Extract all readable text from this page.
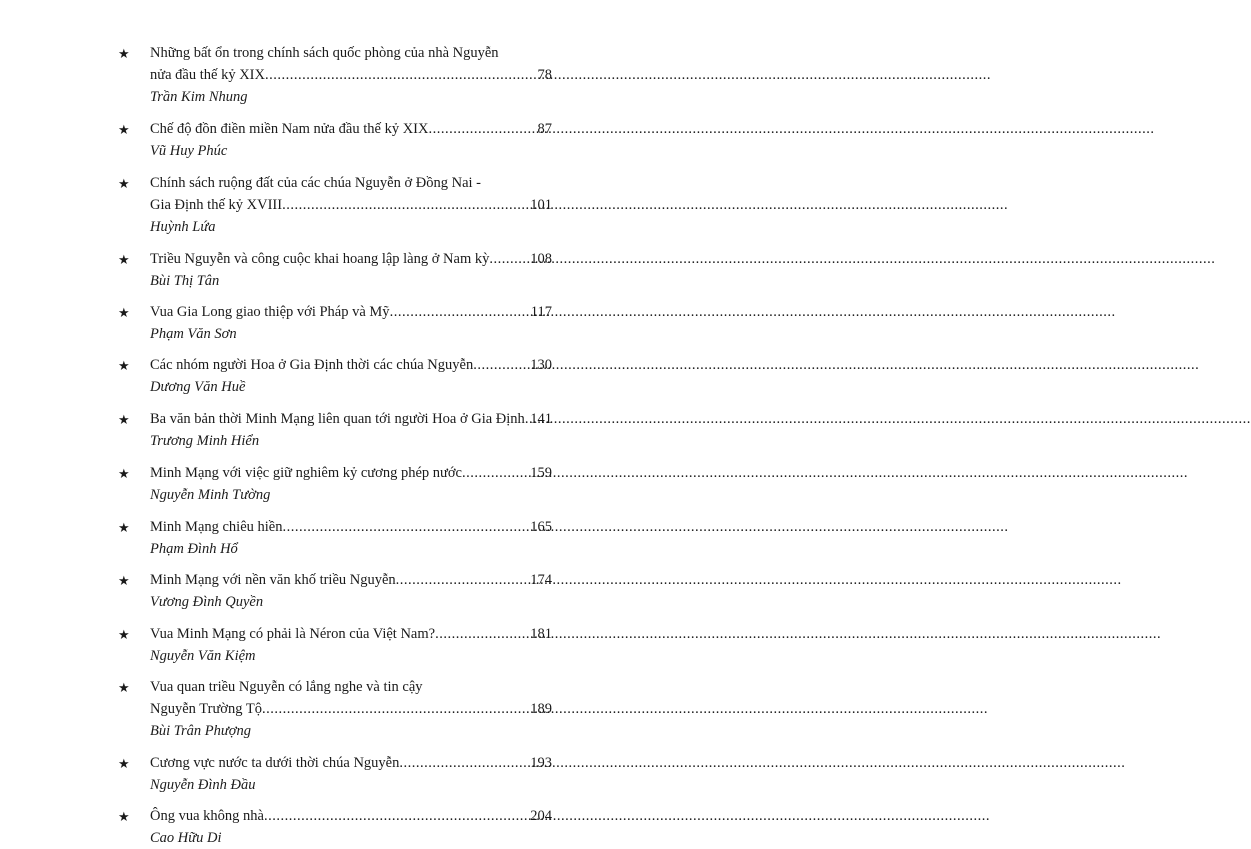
★ Những bất ổn trong chính sách quốc phòng của nhà Nguyễn
nửa đầu thế kỷ XIX .....	78
Trần Kim Nhung
★ Chế độ đồn điền miền Nam nửa đầu thế kỷ XIX .....	87
Vũ Huy Phúc
★ Chính sách ruộng đất của các chúa Nguyễn ở Đồng Nai -
Gia Định thế kỷ XVIII .....	101
Huỳnh Lứa
★ Triều Nguyễn và công cuộc khai hoang lập làng ở Nam kỳ .....	108
Bùi Thị Tân
★ Vua Gia Long giao thiệp với Pháp và Mỹ .....	117
Phạm Văn Sơn
★ Các nhóm người Hoa ở Gia Định thời các chúa Nguyễn .....	130
Dương Văn Huề
★ Ba văn bản thời Minh Mạng liên quan tới người Hoa ở Gia Định ..... 141
Trương Minh Hiển
★ Minh Mạng với việc giữ nghiêm kỷ cương phép nước .....	159
Nguyễn Minh Tường
★ Minh Mạng chiêu hiền .....	165
Phạm Đình Hổ
★ Minh Mạng với nền văn khố triều Nguyễn .....	174
Vương Đình Quyền
★ Vua Minh Mạng có phải là Néron của Việt Nam? .....	181
Nguyễn Văn Kiệm
★ Vua quan triều Nguyễn có lắng nghe và tin cậy
Nguyễn Trường Tộ .....	189
Bùi Trân Phượng
★ Cương vực nước ta dưới thời chúa Nguyễn .....	193
Nguyễn Đình Đầu
★ Ông vua không nhà .....	204
Cao Hữu Di
